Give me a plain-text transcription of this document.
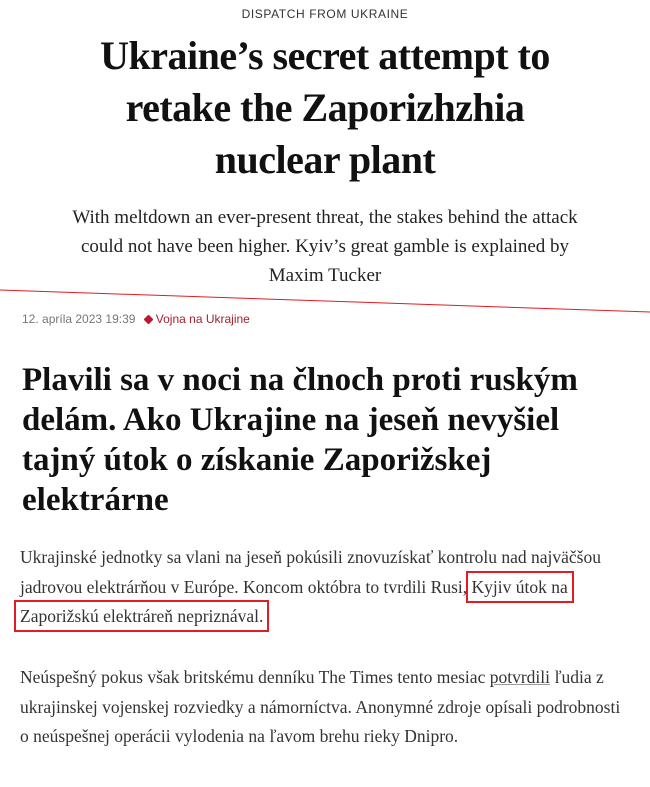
DISPATCH FROM UKRAINE
Ukraine’s secret attempt to retake the Zaporizhzhia nuclear plant
With meltdown an ever-present threat, the stakes behind the attack could not have been higher. Kyiv’s great gamble is explained by Maxim Tucker
12. apríla 2023 19:39 Vojna na Ukrajine
Plavili sa v noci na člnoch proti ruským delám. Ako Ukrajine na jeseň nevyšiel tajný útok o získanie Zaporižskej elektrárne
Ukrajinské jednotky sa vlani na jeseň pokúsili znovuzískať kontrolu nad najväčšou jadrovou elektrárňou v Európe. Koncom októbra to tvrdili Rusi, Kyjiv útok na Zaporižskú elektráreň nepriznával.
Neúspešný pokus však britskému denníku The Times tento mesiac potvrdili ľudia z ukrajinskej vojenskej rozviedky a námorníctva. Anonymné zdroje opísali podrobnosti o neúspešnej operácii vylodenia na ľavom brehu rieky Dnipro.
